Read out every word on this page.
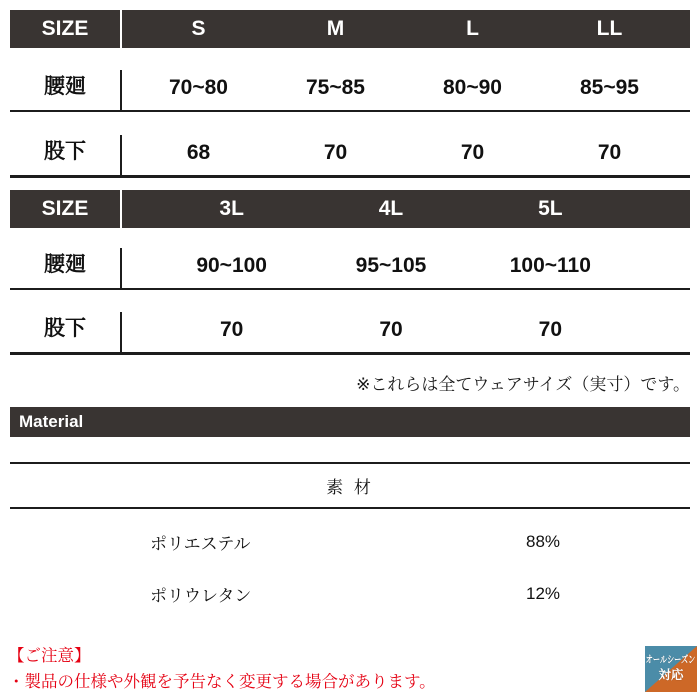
SIZE	S	M	L	LL
腰廻	70~80	75~85	80~90	85~95
股下	68	70	70	70
SIZE	3L	4L	5L
腰廻	90~100	95~105	100~110
股下	70	70	70
※これらは全てウェアサイズ（実寸）です。
Material
素 材
ポリエステル	88%
ポリウレタン	12%
【ご注意】
・製品の仕様や外観を予告なく変更する場合があります。
オールシーズン
対応
